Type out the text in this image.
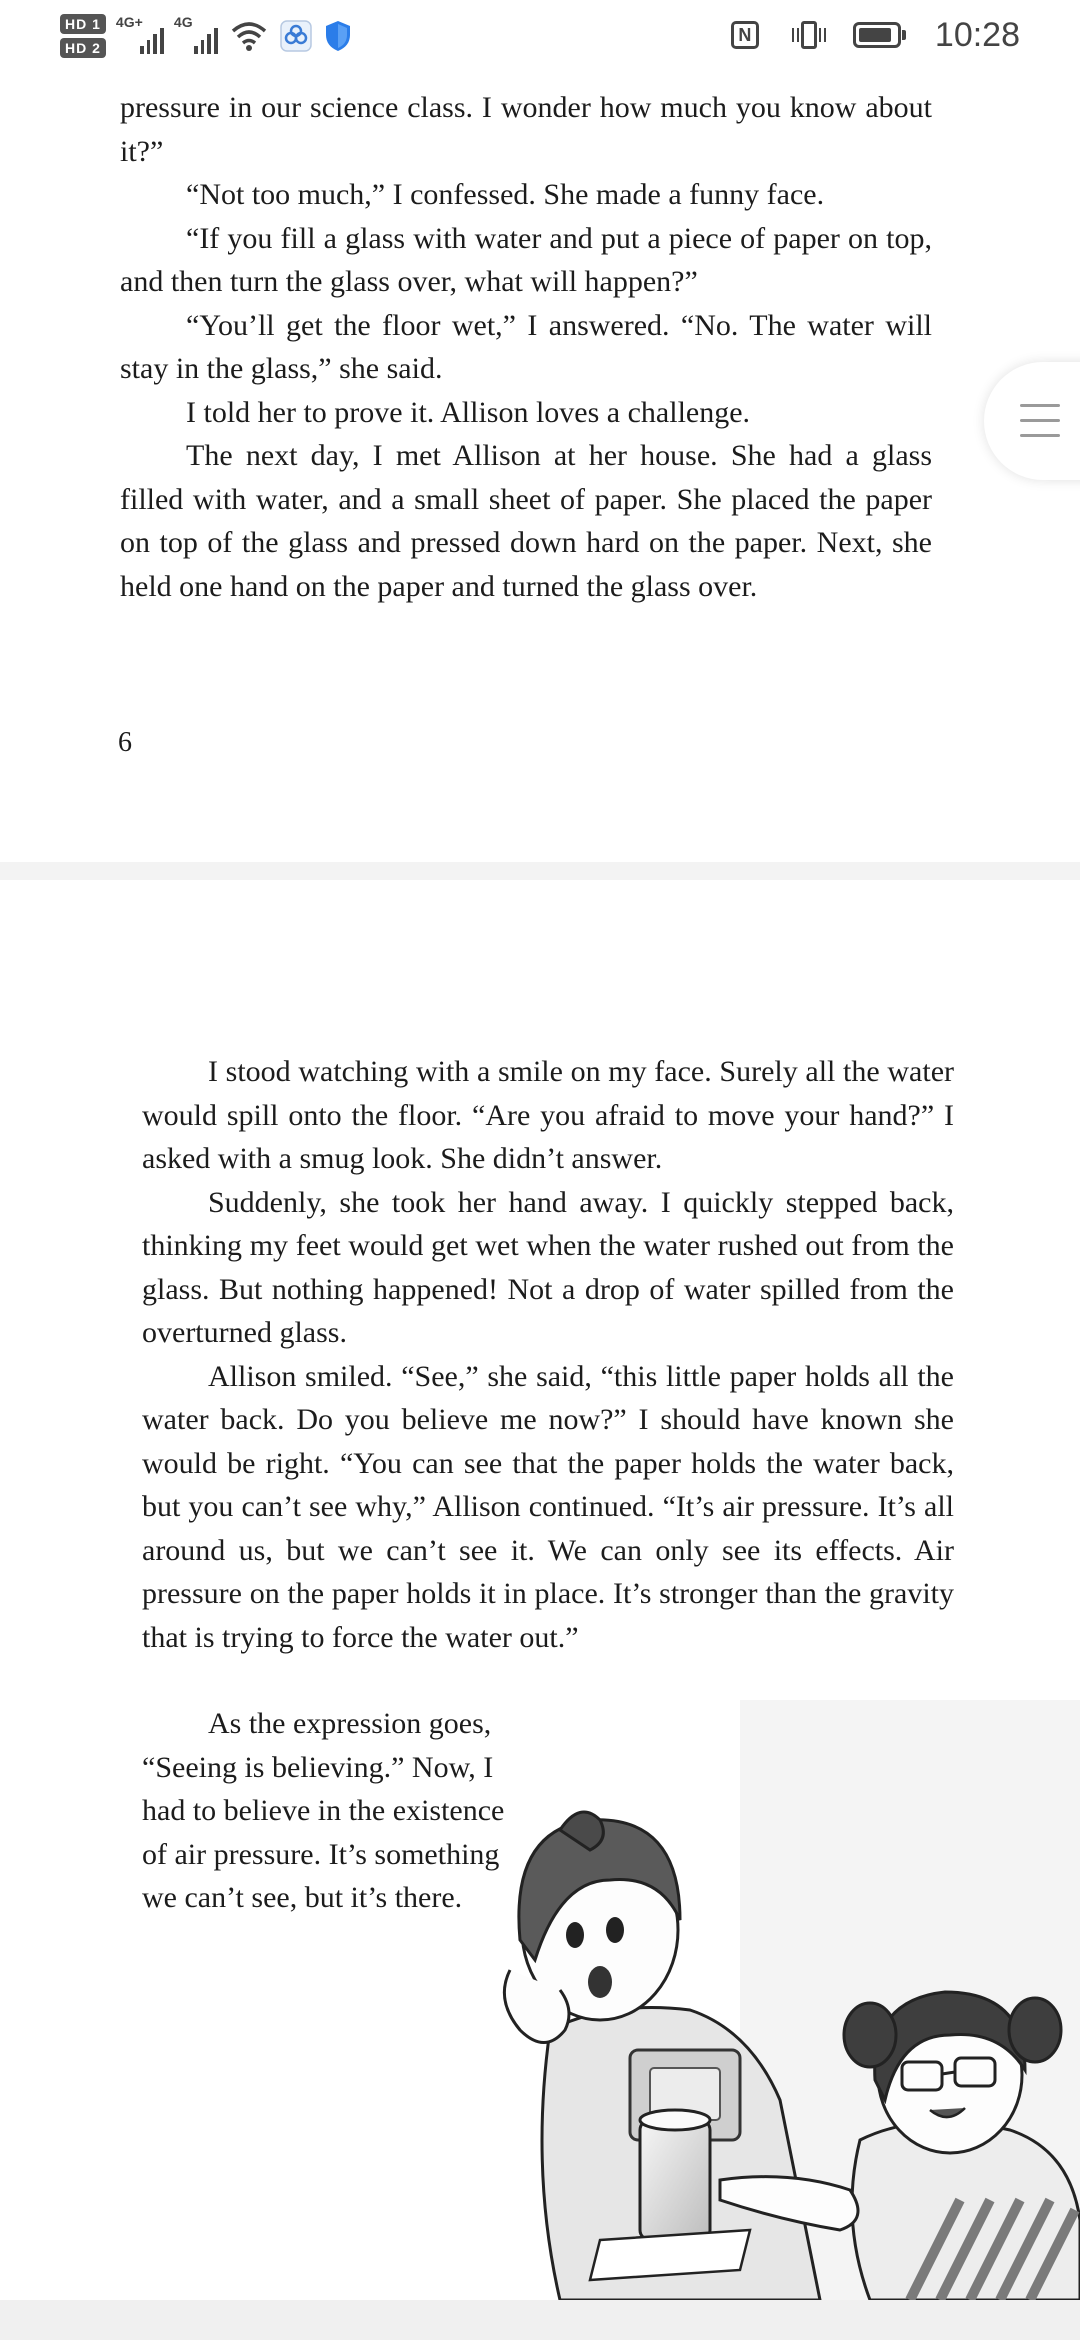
HD 1
HD 2
4G+ 4G
N	10:28

pressure in our science class. I wonder how much you know about it?”

“Not too much,” I confessed. She made a funny face.

“If you fill a glass with water and put a piece of paper on top, and then turn the glass over, what will happen?”

“You’ll get the floor wet,” I answered. “No. The water will stay in the glass,” she said.

I told her to prove it. Allison loves a challenge.

The next day, I met Allison at her house. She had a glass filled with water, and a small sheet of paper. She placed the paper on top of the glass and pressed down hard on the paper. Next, she held one hand on the paper and turned the glass over.

6

I stood watching with a smile on my face. Surely all the water would spill onto the floor. “Are you afraid to move your hand?” I asked with a smug look. She didn’t answer.

Suddenly, she took her hand away. I quickly stepped back, thinking my feet would get wet when the water rushed out from the glass. But nothing happened! Not a drop of water spilled from the overturned glass.

Allison smiled. “See,” she said, “this little paper holds all the water back. Do you believe me now?” I should have known she would be right. “You can see that the paper holds the water back, but you can’t see why,” Allison continued. “It’s air pressure. It’s all around us, but we can’t see it. We can only see its effects. Air pressure on the paper holds it in place. It’s stronger than the gravity that is trying to force the water out.”

As the expression goes, “Seeing is believing.” Now, I had to believe in the existence of air pressure. It’s something we can’t see, but it’s there.
